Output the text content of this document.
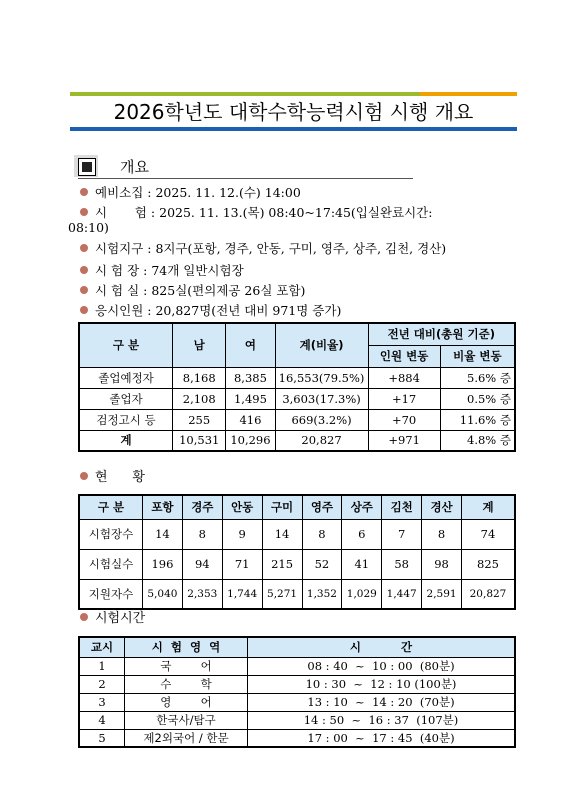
2026학년도 대학수학능력시험 시행 개요
개요
예비소집 : 2025. 11. 12.(수) 14:00
시       험 : 2025. 11. 13.(목) 08:40~17:45(입실완료시간:
08:10)
시험지구 : 8지구(포항, 경주, 안동, 구미, 영주, 상주, 김천, 경산)
시 험 장 : 74개 일반시험장
시 험 실 : 825실(편의제공 26실 포함)
응시인원 : 20,827명(전년 대비 971명 증가)
구 분	남	여	계(비율)	전년 대비(총원 기준)	
				인원 변동	비율 변동
졸업예정자	8,168	8,385	16,553(79.5%)	+884	5.6% 증
졸업자	2,108	1,495	3,603(17.3%)	+17	0.5% 증
검정고시 등	255	416	669(3.2%)	+70	11.6% 증
계	10,531	10,296	20,827	+971	4.8% 증
현      황
구 분	포항	경주	안동	구미	영주	상주	김천	경산	계
시험장수	14	8	9	14	8	6	7	8	74
시험실수	196	94	71	215	52	41	58	98	825
지원자수	5,040	2,353	1,744	5,271	1,352	1,029	1,447	2,591	20,827
시험시간
교시	시  험  영  역	시          간
1	국        어	08 : 40  ~  10 : 00  (80분)
2	수        학	10 : 30  ~  12 : 10 (100분)
3	영        어	13 : 10  ~  14 : 20  (70분)
4	한국사/탐구	14 : 50  ~  16 : 37  (107분)
5	제2외국어 / 한문	17 : 00  ~  17 : 45  (40분)
